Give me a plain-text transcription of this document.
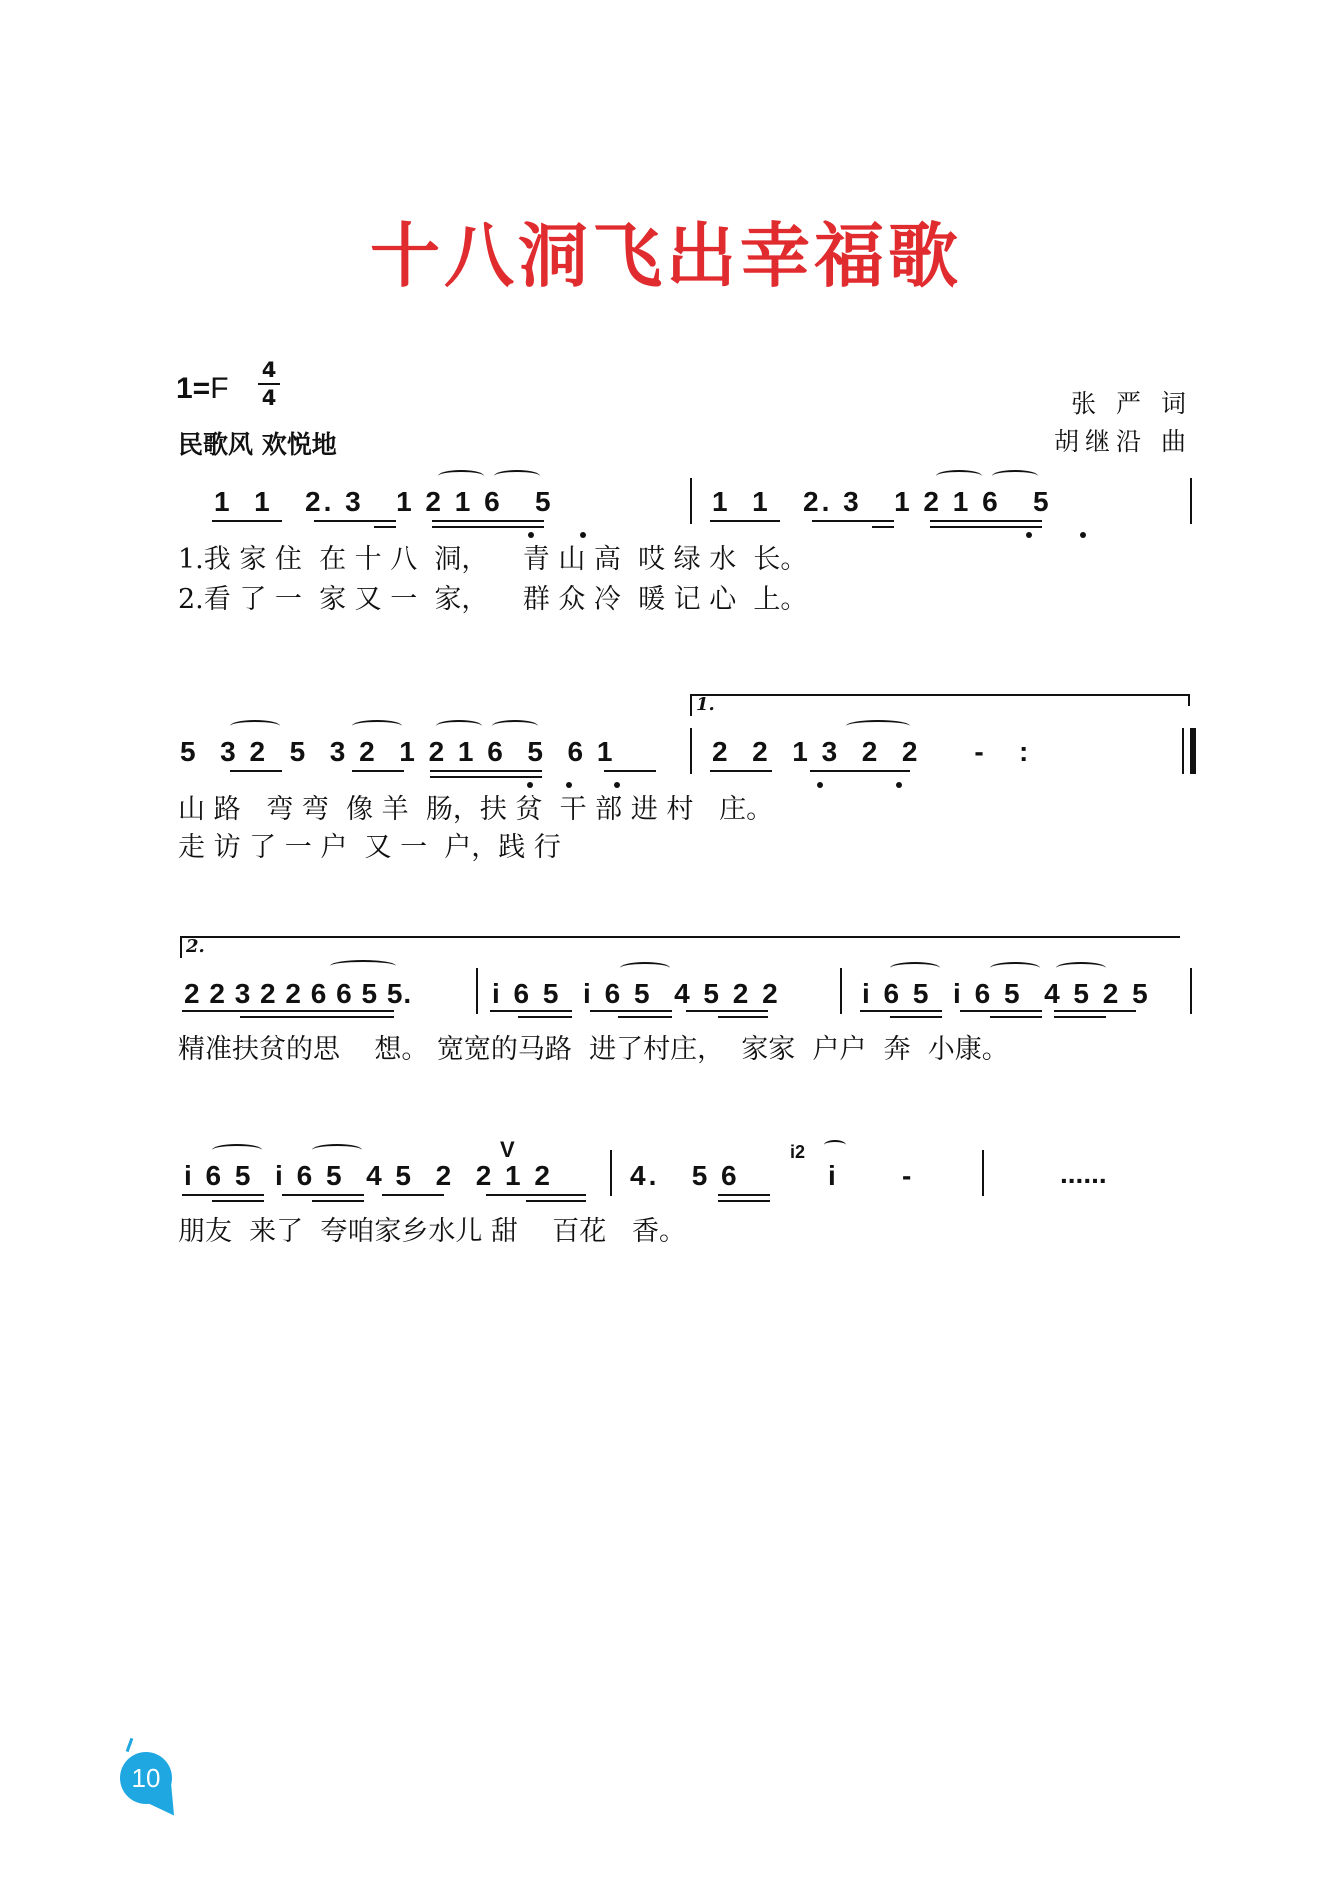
十八洞飞出幸福歌
1=F
4
4
民歌风 欢悦地
张 严 词
胡继沿 曲
1  1   2. 3   1 2 1 6   5	1  1   2. 3   1 2 1 6   5
1.我 家 住  在 十 八  洞，    青 山 高  哎 绿 水  长。
2.看 了 一  家 又 一  家，    群 众 冷  暖 记 心  上。
1.
5  3 2  5  3 2  1 2 1 6  5  6 1	2  2  1 3  2  2     -   :
山 路   弯 弯  像 羊  肠，扶 贫  干 部 进 村   庄。
走 访 了 一 户  又 一  户，践 行
2.
2 2 3 2 2 6 6 5 5.	i 6 5  i 6 5  4 5 2 2	i 6 5  i 6 5  4 5 2 5
精准扶贫的思    想。 宽宽的马路  进了村庄，  家家  户户  奔  小康。
i 6 5  i 6 5  4 5  2  2 1 2
V
4.   5 6
i2
i -	......
朋友  来了  夸咱家乡水儿 甜    百花   香。
10
